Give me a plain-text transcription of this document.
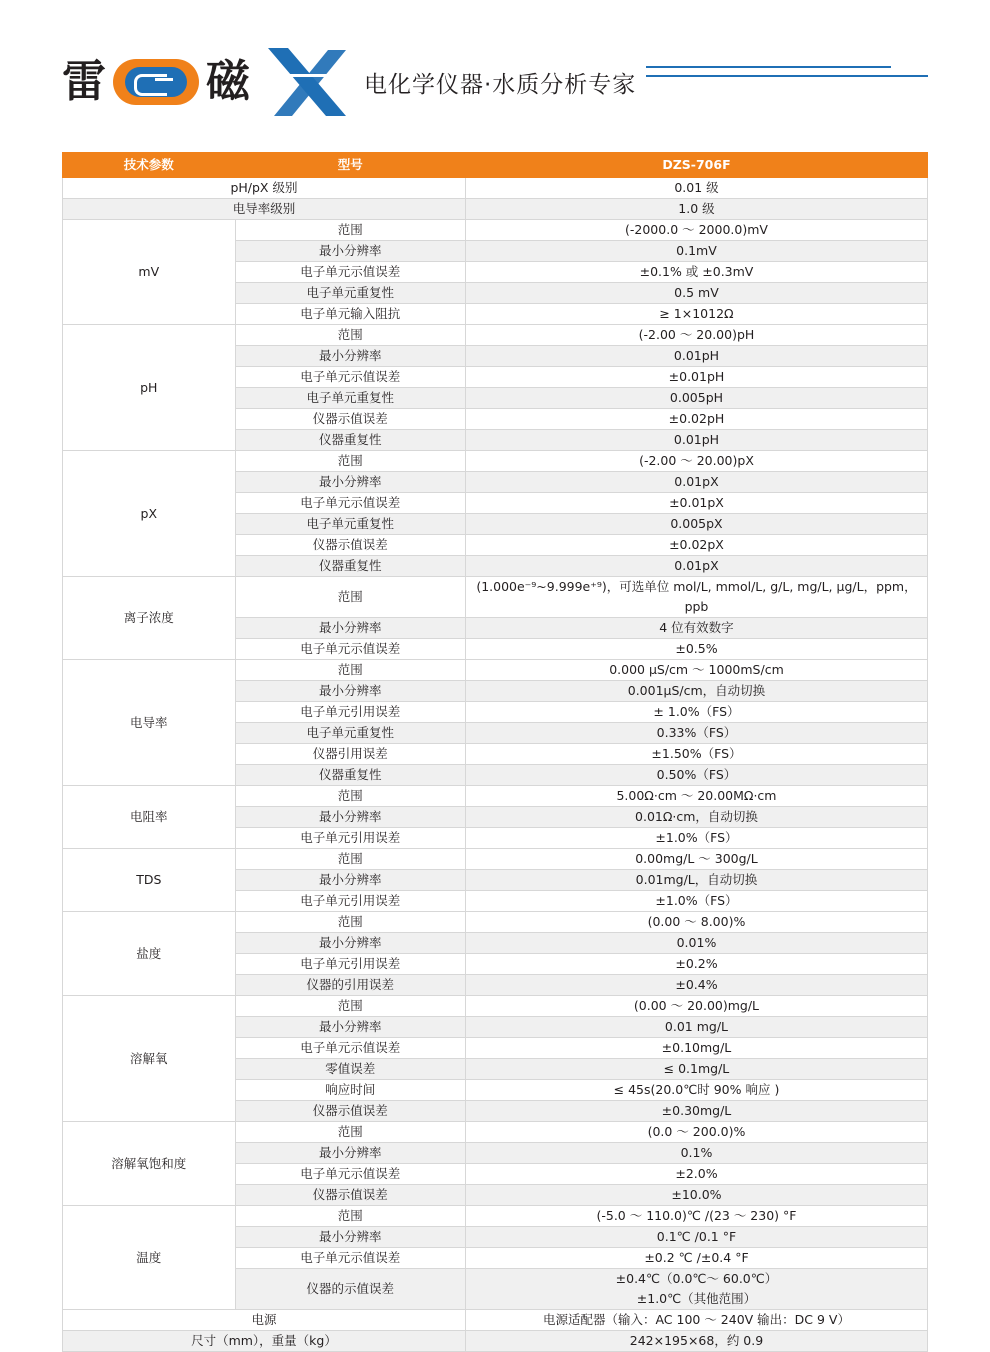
雷 磁	电化学仪器·水质分析专家
技术参数	型号	DZS-706F
pH/pX 级别		0.01 级
电导率级别		1.0 级
mV	范围	(-2000.0 ～ 2000.0)mV
	最小分辨率	0.1mV
	电子单元示值误差	±0.1% 或 ±0.3mV
	电子单元重复性	0.5 mV
	电子单元输入阻抗	≥ 1×1012Ω
pH	范围	(-2.00 ～ 20.00)pH
	最小分辨率	0.01pH
	电子单元示值误差	±0.01pH
	电子单元重复性	0.005pH
	仪器示值误差	±0.02pH
	仪器重复性	0.01pH
pX	范围	(-2.00 ～ 20.00)pX
	最小分辨率	0.01pX
	电子单元示值误差	±0.01pX
	电子单元重复性	0.005pX
	仪器示值误差	±0.02pX
	仪器重复性	0.01pX
离子浓度	范围	(1.000e⁻⁹~9.999e⁺⁹)，可选单位 mol/L, mmol/L, g/L, mg/L, μg/L，ppm，ppb
	最小分辨率	4 位有效数字
	电子单元示值误差	±0.5%
电导率	范围	0.000 μS/cm ～ 1000mS/cm
	最小分辨率	0.001μS/cm，自动切换
	电子单元引用误差	± 1.0%（FS）
	电子单元重复性	0.33%（FS）
	仪器引用误差	±1.50%（FS）
	仪器重复性	0.50%（FS）
电阻率	范围	5.00Ω·cm ～ 20.00MΩ·cm
	最小分辨率	0.01Ω·cm，自动切换
	电子单元引用误差	±1.0%（FS）
TDS	范围	0.00mg/L ～ 300g/L
	最小分辨率	0.01mg/L，自动切换
	电子单元引用误差	±1.0%（FS）
盐度	范围	(0.00 ～ 8.00)%
	最小分辨率	0.01%
	电子单元引用误差	±0.2%
	仪器的引用误差	±0.4%
溶解氧	范围	(0.00 ～ 20.00)mg/L
	最小分辨率	0.01 mg/L
	电子单元示值误差	±0.10mg/L
	零值误差	≤ 0.1mg/L
	响应时间	≤ 45s(20.0℃时 90% 响应 )
	仪器示值误差	±0.30mg/L
溶解氧饱和度	范围	(0.0 ～ 200.0)%
	最小分辨率	0.1%
	电子单元示值误差	±2.0%
	仪器示值误差	±10.0%
温度	范围	(-5.0 ～ 110.0)℃ /(23 ～ 230) °F
	最小分辨率	0.1℃ /0.1 °F
	电子单元示值误差	±0.2 ℃ /±0.4 °F
	仪器的示值误差	±0.4℃（0.0℃～ 60.0℃）
±1.0℃（其他范围）
电源		电源适配器（输入：AC 100 ～ 240V 输出：DC 9 V）
尺寸（mm），重量（kg）		242×195×68，约 0.9
